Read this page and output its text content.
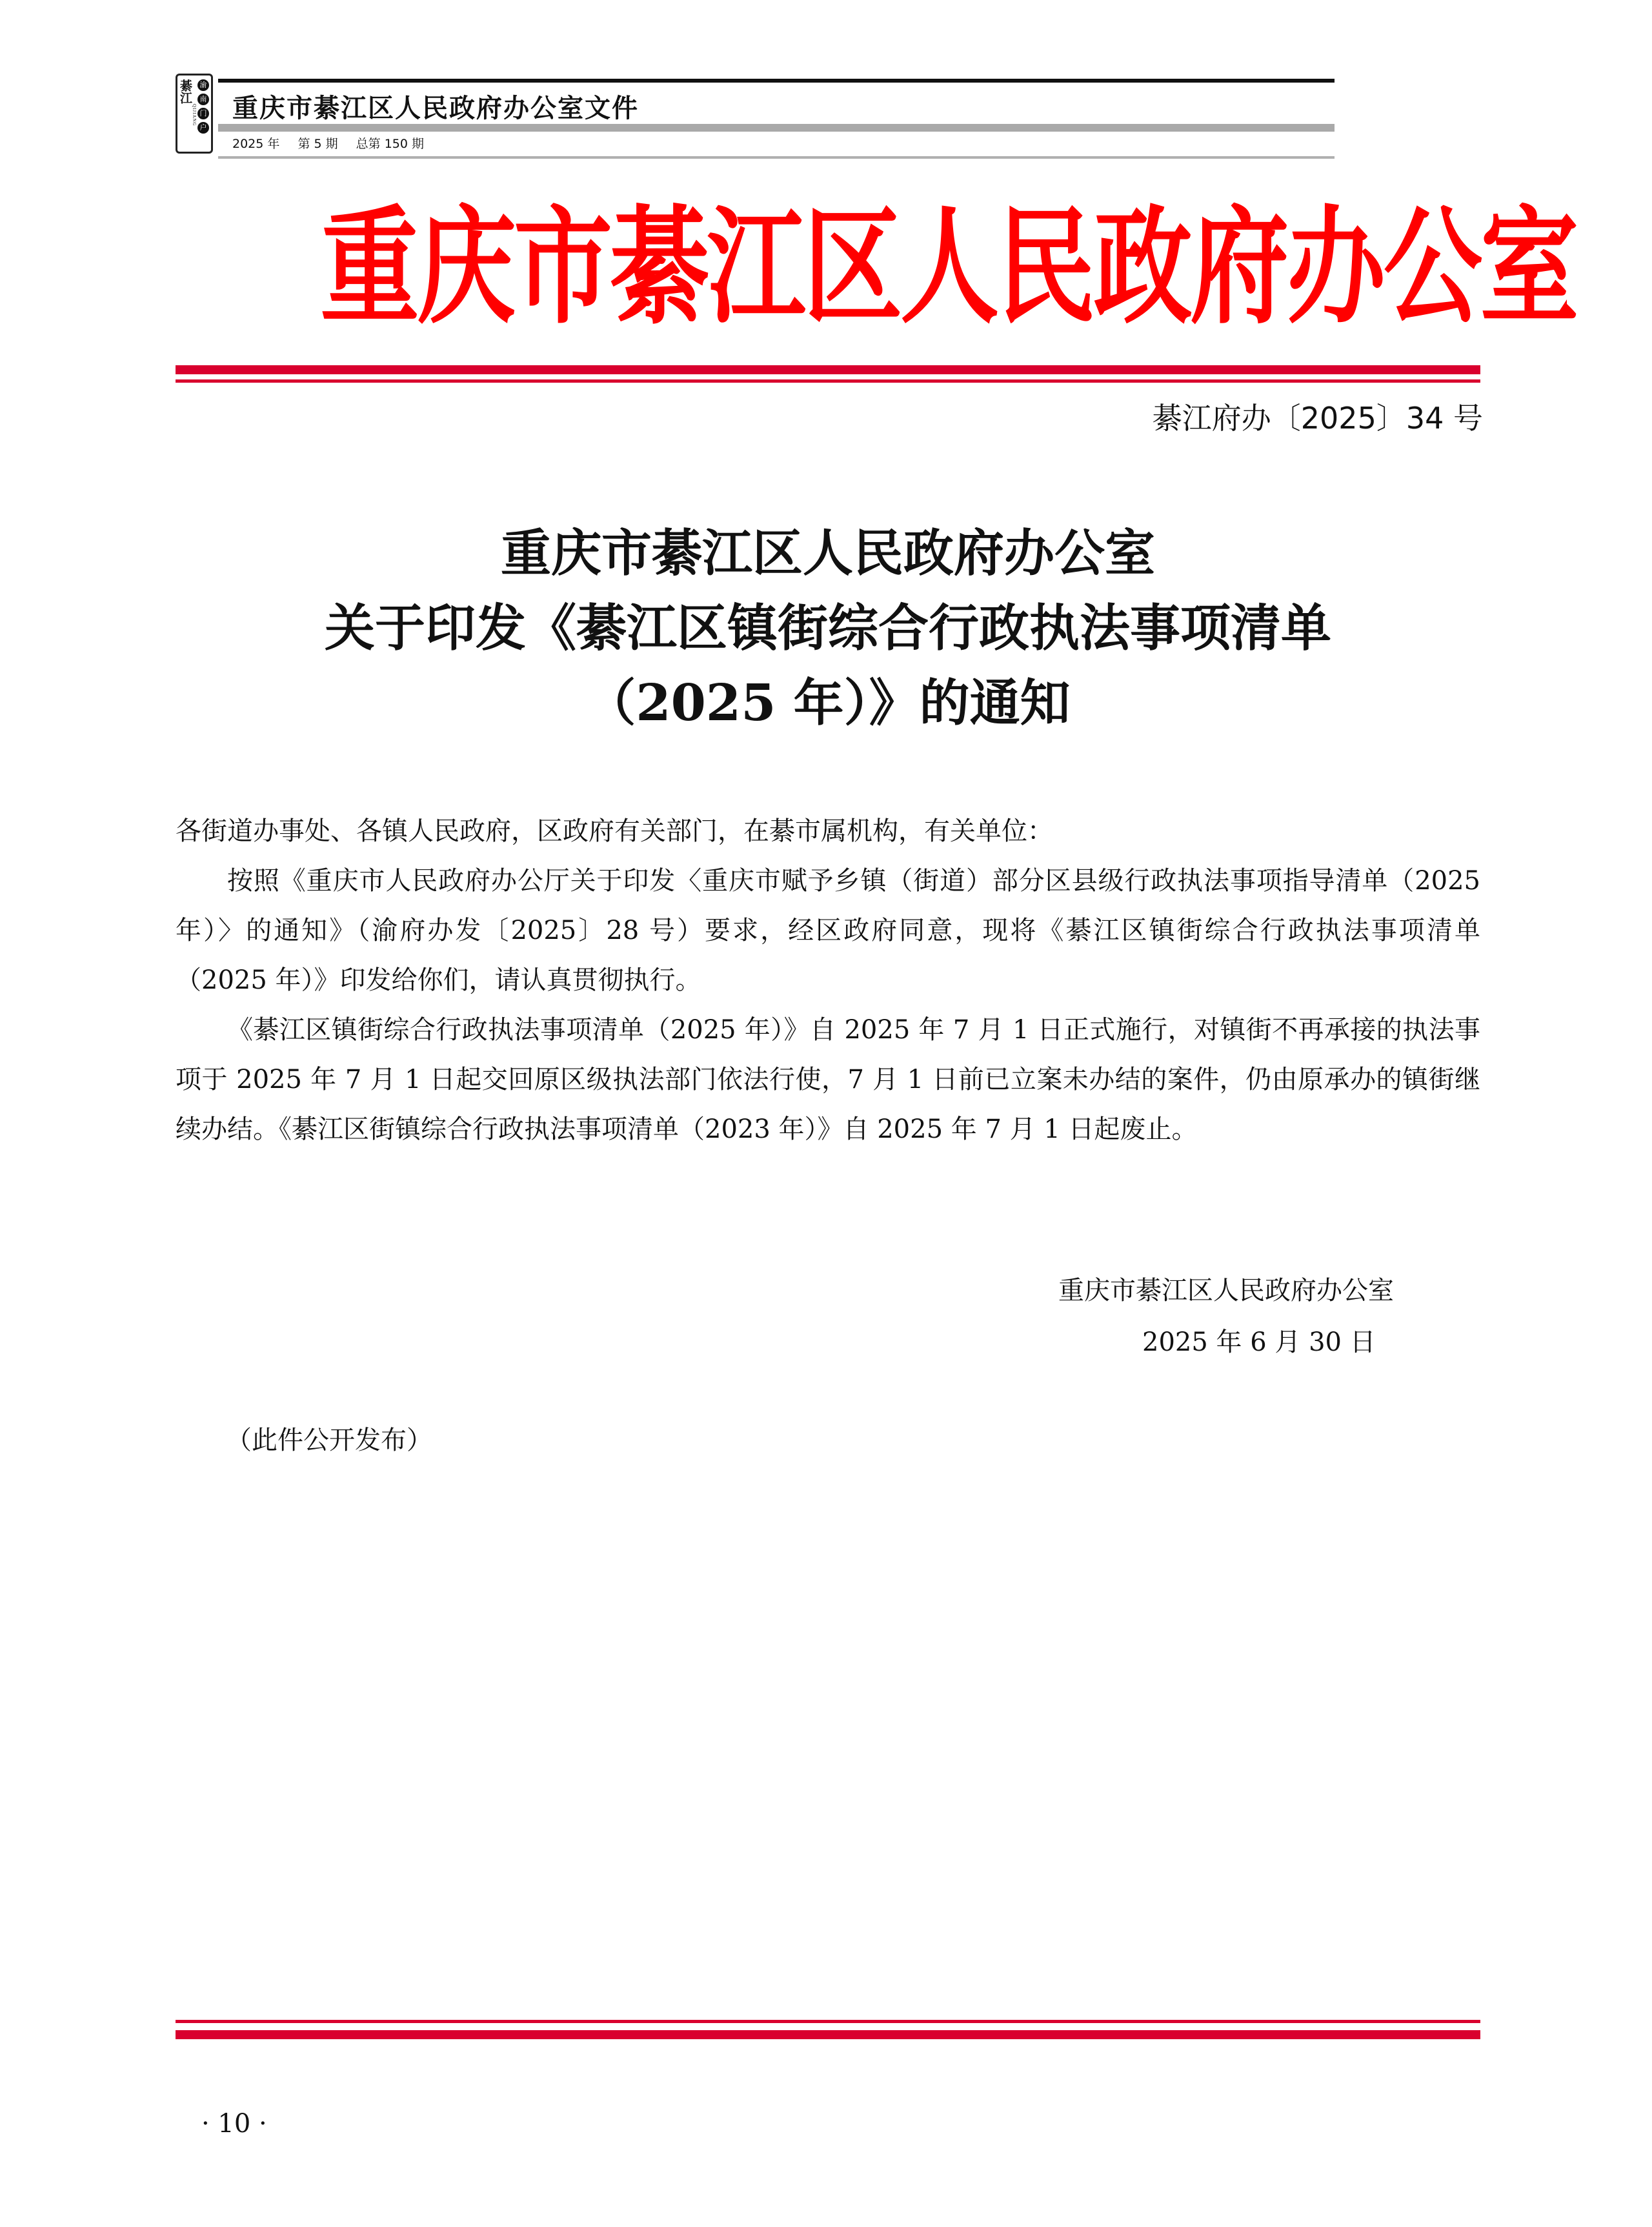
綦江
QIJIANG
渝
南
门
户
重庆市綦江区人民政府办公室文件
2025 年 第 5 期 总第 150 期
重庆市綦江区人民政府办公室
綦江府办〔2025〕34 号
重庆市綦江区人民政府办公室
关于印发《綦江区镇街综合行政执法事项清单
（2025 年）》的通知

各街道办事处、各镇人民政府，区政府有关部门，在綦市属机构，有关单位：

按照《重庆市人民政府办公厅关于印发〈重庆市赋予乡镇（街道）部分区县级行政执法事项指导清单（2025 年）〉的通知》（渝府办发〔2025〕28 号）要求，经区政府同意，现将《綦江区镇街综合行政执法事项清单（2025 年）》印发给你们，请认真贯彻执行。

《綦江区镇街综合行政执法事项清单（2025 年）》自 2025 年 7 月 1 日正式施行，对镇街不再承接的执法事项于 2025 年 7 月 1 日起交回原区级执法部门依法行使，7 月 1 日前已立案未办结的案件，仍由原承办的镇街继续办结。《綦江区街镇综合行政执法事项清单（2023 年）》自 2025 年 7 月 1 日起废止。

重庆市綦江区人民政府办公室
2025 年 6 月 30 日
（此件公开发布）
· 10 ·
